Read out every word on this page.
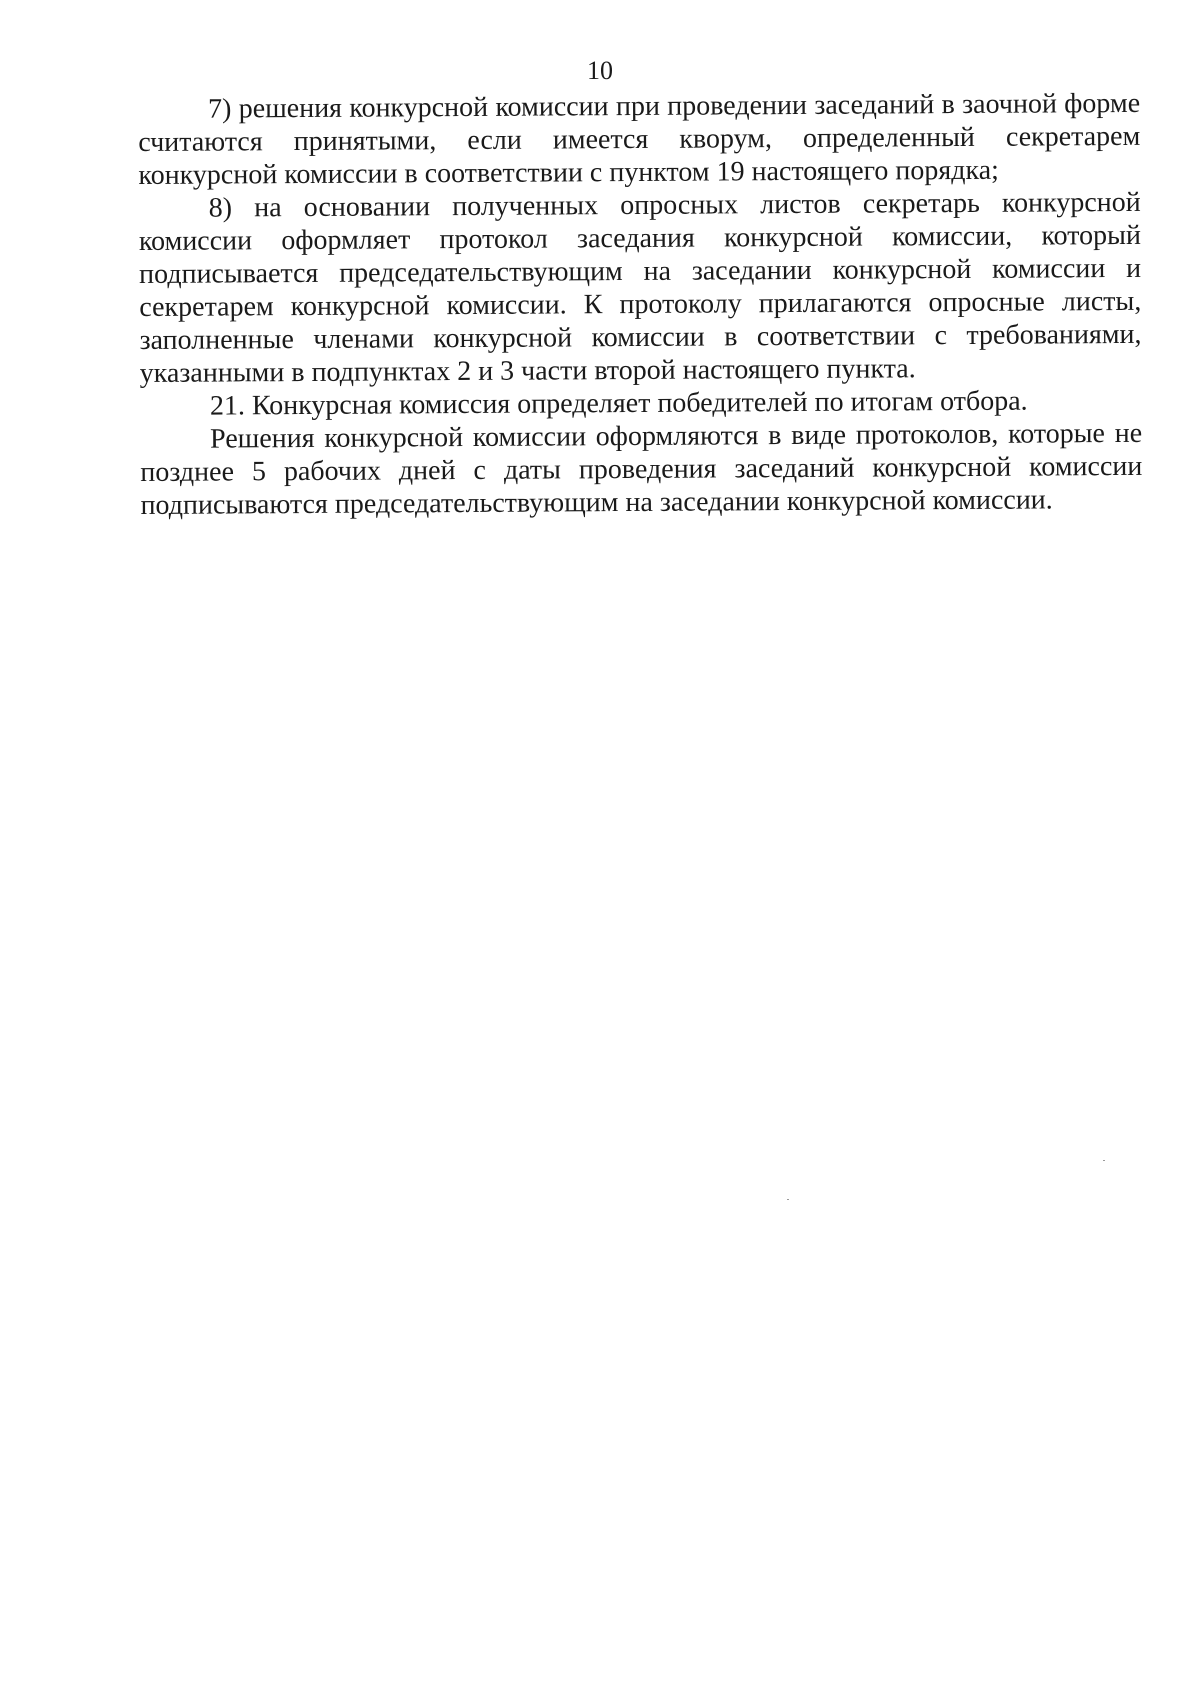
10

7) решения конкурсной комиссии при проведении заседаний в заочной форме считаются принятыми, если имеется кворум, определенный секретарем конкурсной комиссии в соответствии с пунктом 19 настоящего порядка;

8) на основании полученных опросных листов секретарь конкурсной комиссии оформляет протокол заседания конкурсной комиссии, который подписывается председательствующим на заседании конкурсной комиссии и секретарем конкурсной комиссии. К протоколу прилагаются опросные листы, заполненные членами конкурсной комиссии в соответствии с требованиями, указанными в подпунктах 2 и 3 части второй настоящего пункта.

21. Конкурсная комиссия определяет победителей по итогам отбора.

Решения конкурсной комиссии оформляются в виде протоколов, которые не позднее 5 рабочих дней с даты проведения заседаний конкурсной комиссии подписываются председательствующим на заседании конкурсной комиссии.
